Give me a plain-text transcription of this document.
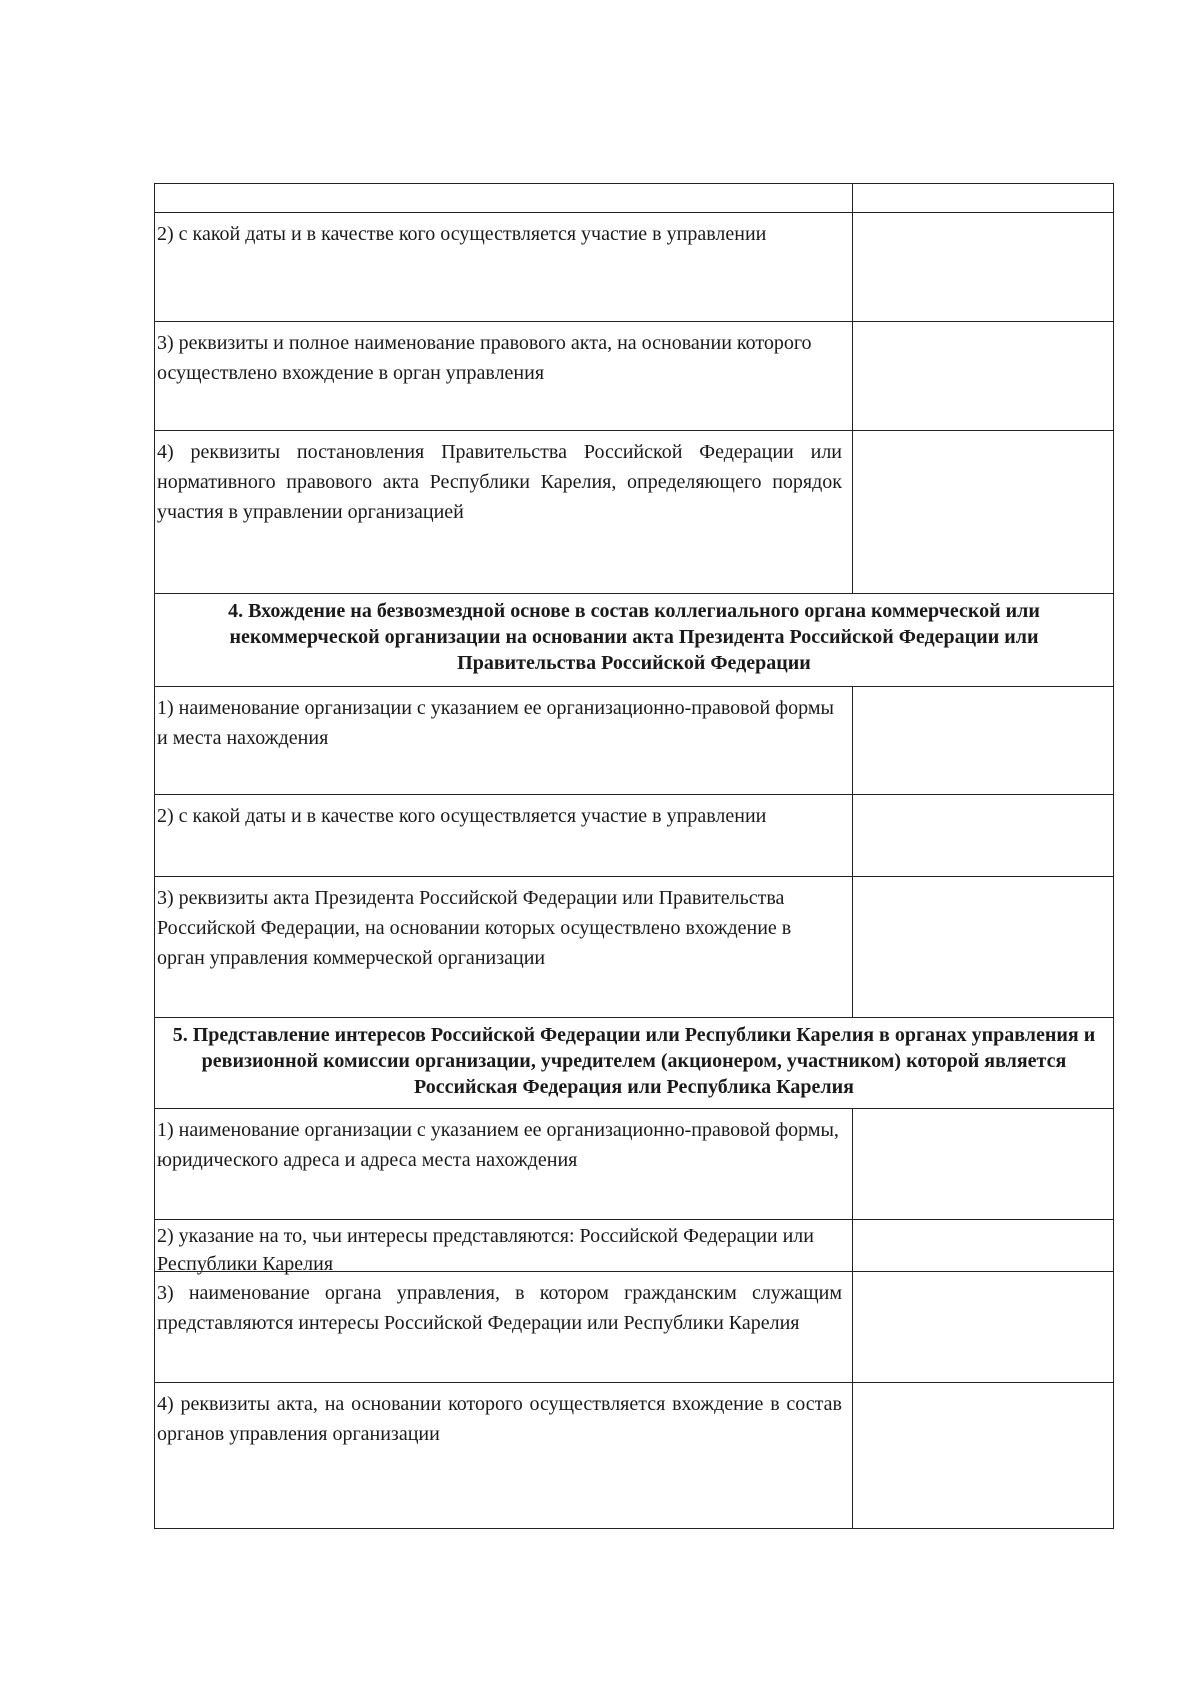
2) с какой даты и в качестве кого осуществляется участие в управлении
3) реквизиты и полное наименование правового акта, на основании которого осуществлено вхождение в орган управления
4) реквизиты постановления Правительства Российской Федерации или нормативного правового акта Республики Карелия, определяющего порядок участия в управлении организацией
4. Вхождение на безвозмездной основе в состав коллегиального органа коммерческой или некоммерческой организации на основании акта Президента Российской Федерации или Правительства Российской Федерации
1) наименование организации с указанием ее организационно-правовой формы и места нахождения
2) с какой даты и в качестве кого осуществляется участие в управлении
3) реквизиты акта Президента Российской Федерации или Правительства Российской Федерации, на основании которых осуществлено вхождение в орган управления коммерческой организации
5. Представление интересов Российской Федерации или Республики Карелия в органах управления и ревизионной комиссии организации, учредителем (акционером, участником) которой является Российская Федерация или Республика Карелия
1) наименование организации с указанием ее организационно-правовой формы, юридического адреса и адреса места нахождения
2) указание на то, чьи интересы представляются: Российской Федерации или Республики Карелия
3) наименование органа управления, в котором гражданским служащим представляются интересы Российской Федерации или Республики Карелия
4) реквизиты акта, на основании которого осуществляется вхождение в состав органов управления организации
